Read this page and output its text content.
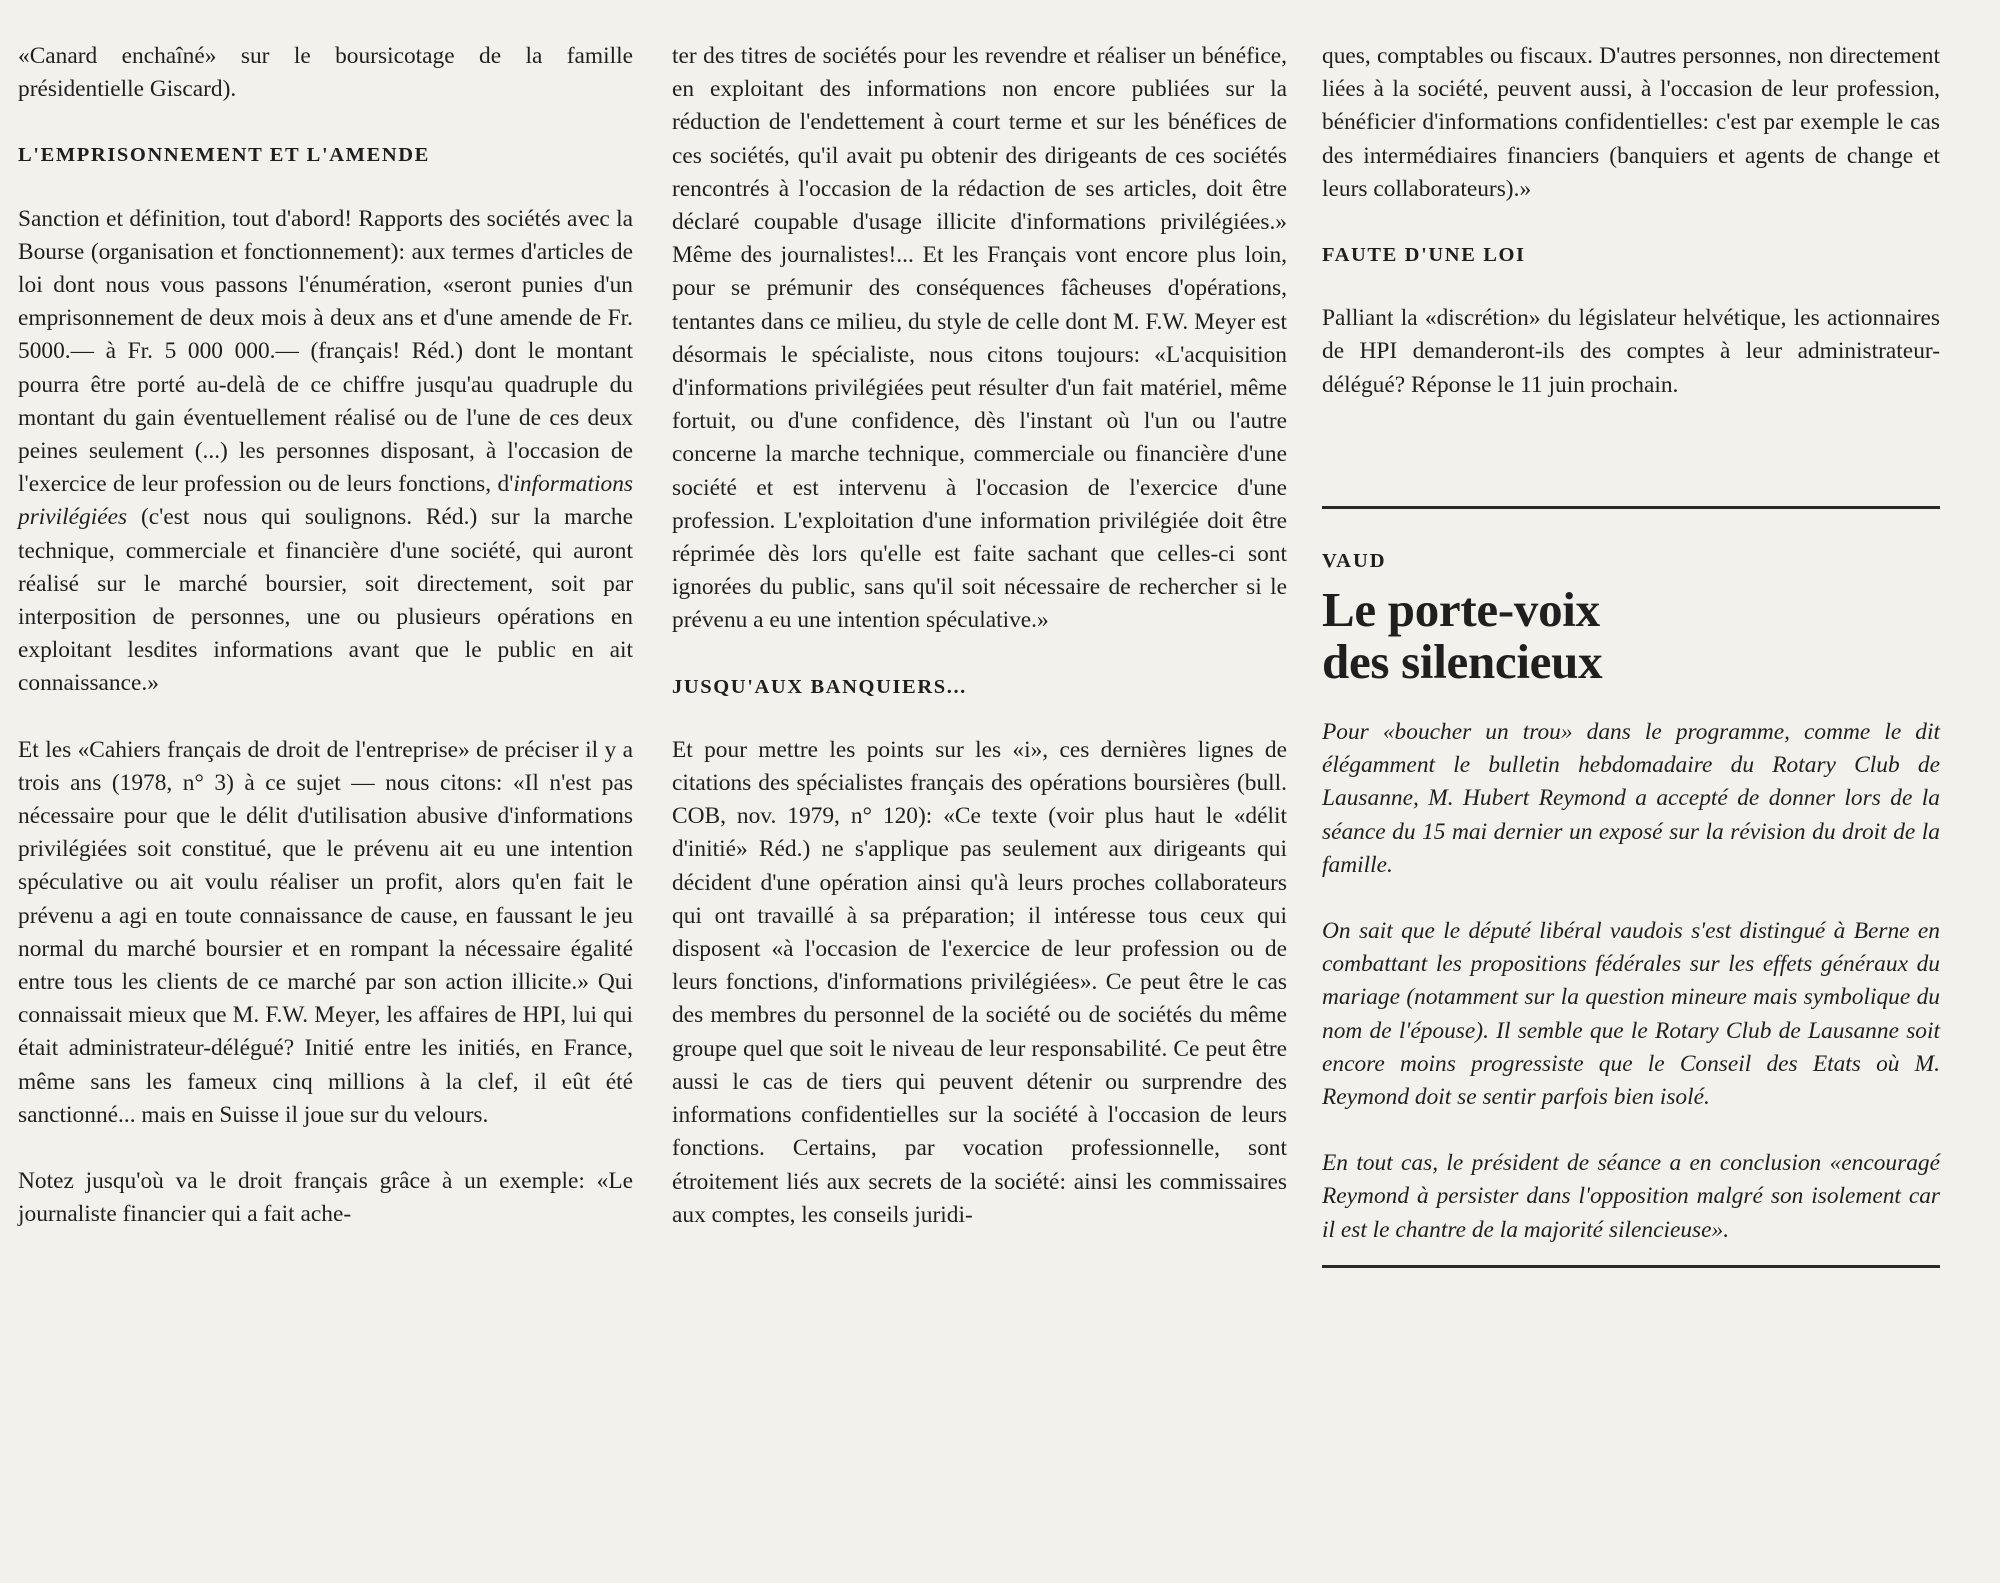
«Canard enchaîné» sur le boursicotage de la famille présidentielle Giscard).

L'EMPRISONNEMENT ET L'AMENDE

Sanction et définition, tout d'abord! Rapports des sociétés avec la Bourse (organisation et fonctionnement): aux termes d'articles de loi dont nous vous passons l'énumération, «seront punies d'un emprisonnement de deux mois à deux ans et d'une amende de Fr. 5000.— à Fr. 5 000 000.— (français! Réd.) dont le montant pourra être porté au-delà de ce chiffre jusqu'au quadruple du montant du gain éventuellement réalisé ou de l'une de ces deux peines seulement (...) les personnes disposant, à l'occasion de l'exercice de leur profession ou de leurs fonctions, d'informations privilégiées (c'est nous qui soulignons. Réd.) sur la marche technique, commerciale et financière d'une société, qui auront réalisé sur le marché boursier, soit directement, soit par interposition de personnes, une ou plusieurs opérations en exploitant lesdites informations avant que le public en ait connaissance.»

Et les «Cahiers français de droit de l'entreprise» de préciser il y a trois ans (1978, n° 3) à ce sujet — nous citons: «Il n'est pas nécessaire pour que le délit d'utilisation abusive d'informations privilégiées soit constitué, que le prévenu ait eu une intention spéculative ou ait voulu réaliser un profit, alors qu'en fait le prévenu a agi en toute connaissance de cause, en faussant le jeu normal du marché boursier et en rompant la nécessaire égalité entre tous les clients de ce marché par son action illicite.» Qui connaissait mieux que M. F.W. Meyer, les affaires de HPI, lui qui était administrateur-délégué? Initié entre les initiés, en France, même sans les fameux cinq millions à la clef, il eût été sanctionné... mais en Suisse il joue sur du velours.

Notez jusqu'où va le droit français grâce à un exemple: «Le journaliste financier qui a fait ache-

ter des titres de sociétés pour les revendre et réaliser un bénéfice, en exploitant des informations non encore publiées sur la réduction de l'endettement à court terme et sur les bénéfices de ces sociétés, qu'il avait pu obtenir des dirigeants de ces sociétés rencontrés à l'occasion de la rédaction de ses articles, doit être déclaré coupable d'usage illicite d'informations privilégiées.» Même des journalistes!... Et les Français vont encore plus loin, pour se prémunir des conséquences fâcheuses d'opérations, tentantes dans ce milieu, du style de celle dont M. F.W. Meyer est désormais le spécialiste, nous citons toujours: «L'acquisition d'informations privilégiées peut résulter d'un fait matériel, même fortuit, ou d'une confidence, dès l'instant où l'un ou l'autre concerne la marche technique, commerciale ou financière d'une société et est intervenu à l'occasion de l'exercice d'une profession. L'exploitation d'une information privilégiée doit être réprimée dès lors qu'elle est faite sachant que celles-ci sont ignorées du public, sans qu'il soit nécessaire de rechercher si le prévenu a eu une intention spéculative.»

JUSQU'AUX BANQUIERS...

Et pour mettre les points sur les «i», ces dernières lignes de citations des spécialistes français des opérations boursières (bull. COB, nov. 1979, n° 120): «Ce texte (voir plus haut le «délit d'initié» Réd.) ne s'applique pas seulement aux dirigeants qui décident d'une opération ainsi qu'à leurs proches collaborateurs qui ont travaillé à sa préparation; il intéresse tous ceux qui disposent «à l'occasion de l'exercice de leur profession ou de leurs fonctions, d'informations privilégiées». Ce peut être le cas des membres du personnel de la société ou de sociétés du même groupe quel que soit le niveau de leur responsabilité. Ce peut être aussi le cas de tiers qui peuvent détenir ou surprendre des informations confidentielles sur la société à l'occasion de leurs fonctions. Certains, par vocation professionnelle, sont étroitement liés aux secrets de la société: ainsi les commissaires aux comptes, les conseils juridi-

ques, comptables ou fiscaux. D'autres personnes, non directement liées à la société, peuvent aussi, à l'occasion de leur profession, bénéficier d'informations confidentielles: c'est par exemple le cas des intermédiaires financiers (banquiers et agents de change et leurs collaborateurs).»

FAUTE D'UNE LOI

Palliant la «discrétion» du législateur helvétique, les actionnaires de HPI demanderont-ils des comptes à leur administrateur-délégué? Réponse le 11 juin prochain.

VAUD
Le porte-voix
des silencieux

Pour «boucher un trou» dans le programme, comme le dit élégamment le bulletin hebdomadaire du Rotary Club de Lausanne, M. Hubert Reymond a accepté de donner lors de la séance du 15 mai dernier un exposé sur la révision du droit de la famille.

On sait que le député libéral vaudois s'est distingué à Berne en combattant les propositions fédérales sur les effets généraux du mariage (notamment sur la question mineure mais symbolique du nom de l'épouse). Il semble que le Rotary Club de Lausanne soit encore moins progressiste que le Conseil des Etats où M. Reymond doit se sentir parfois bien isolé.

En tout cas, le président de séance a en conclusion «encouragé Reymond à persister dans l'opposition malgré son isolement car il est le chantre de la majorité silencieuse».
